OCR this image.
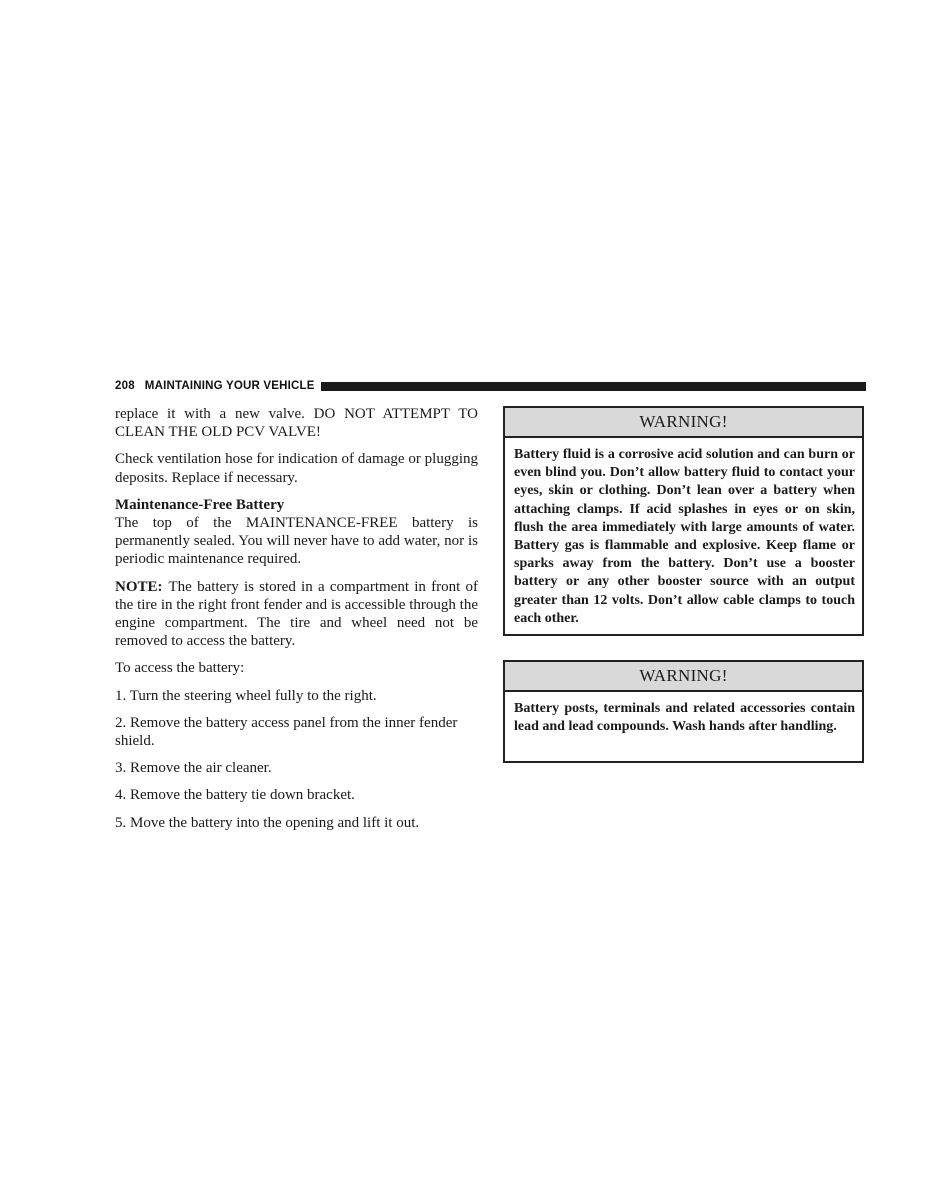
208 MAINTAINING YOUR VEHICLE

replace it with a new valve. DO NOT ATTEMPT TO CLEAN THE OLD PCV VALVE!

Check ventilation hose for indication of damage or plugging deposits. Replace if necessary.

Maintenance-Free Battery

The top of the MAINTENANCE-FREE battery is permanently sealed. You will never have to add water, nor is periodic maintenance required.

NOTE: The battery is stored in a compartment in front of the tire in the right front fender and is accessible through the engine compartment. The tire and wheel need not be removed to access the battery.

To access the battery:

1. Turn the steering wheel fully to the right.

2. Remove the battery access panel from the inner fender shield.

3. Remove the air cleaner.

4. Remove the battery tie down bracket.

5. Move the battery into the opening and lift it out.

WARNING!
Battery fluid is a corrosive acid solution and can burn or even blind you. Don’t allow battery fluid to contact your eyes, skin or clothing. Don’t lean over a battery when attaching clamps. If acid splashes in eyes or on skin, flush the area immediately with large amounts of water. Battery gas is flammable and explosive. Keep flame or sparks away from the battery. Don’t use a booster battery or any other booster source with an output greater than 12 volts. Don’t allow cable clamps to touch each other.
WARNING!
Battery posts, terminals and related accessories contain lead and lead compounds. Wash hands after handling.
